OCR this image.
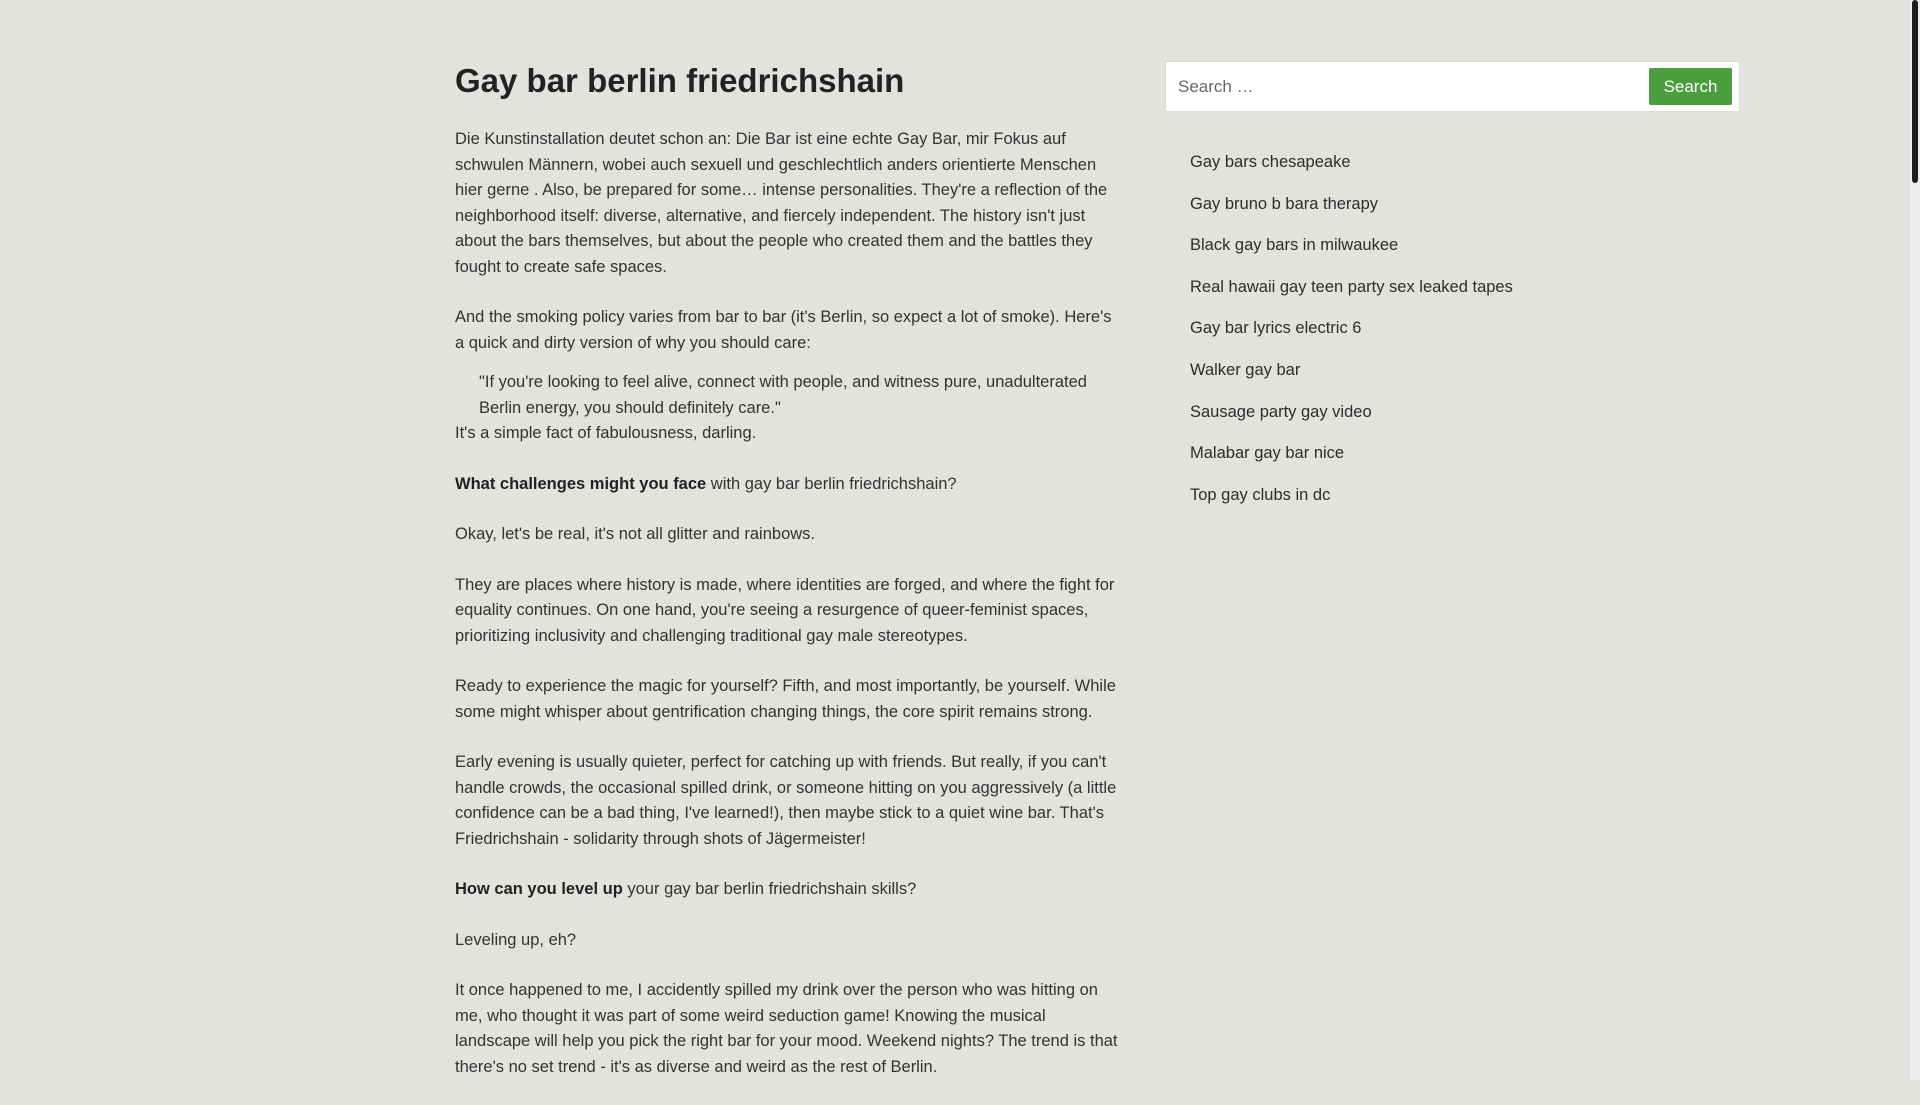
Gay bar berlin friedrichshain

Die Kunstinstallation deutet schon an: Die Bar ist eine echte Gay Bar, mir Fokus auf schwulen Männern, wobei auch sexuell und geschlechtlich anders orientierte Menschen hier gerne . Also, be prepared for some… intense personalities. They're a reflection of the neighborhood itself: diverse, alternative, and fiercely independent. The history isn't just about the bars themselves, but about the people who created them and the battles they fought to create safe spaces.

And the smoking policy varies from bar to bar (it's Berlin, so expect a lot of smoke). Here's a quick and dirty version of why you should care:

"If you're looking to feel alive, connect with people, and witness pure, unadulterated Berlin energy, you should definitely care."

It's a simple fact of fabulousness, darling.

What challenges might you face with gay bar berlin friedrichshain?

Okay, let's be real, it's not all glitter and rainbows.

They are places where history is made, where identities are forged, and where the fight for equality continues. On one hand, you're seeing a resurgence of queer-feminist spaces, prioritizing inclusivity and challenging traditional gay male stereotypes.

Ready to experience the magic for yourself? Fifth, and most importantly, be yourself. While some might whisper about gentrification changing things, the core spirit remains strong.

Early evening is usually quieter, perfect for catching up with friends. But really, if you can't handle crowds, the occasional spilled drink, or someone hitting on you aggressively (a little confidence can be a bad thing, I've learned!), then maybe stick to a quiet wine bar. That's Friedrichshain - solidarity through shots of Jägermeister!

How can you level up your gay bar berlin friedrichshain skills?

Leveling up, eh?

It once happened to me, I accidently spilled my drink over the person who was hitting on me, who thought it was part of some weird seduction game! Knowing the musical landscape will help you pick the right bar for your mood. Weekend nights? The trend is that there's no set trend - it's as diverse and weird as the rest of Berlin.

Search …
Search
Gay bars chesapeake
Gay bruno b bara therapy
Black gay bars in milwaukee
Real hawaii gay teen party sex leaked tapes
Gay bar lyrics electric 6
Walker gay bar
Sausage party gay video
Malabar gay bar nice
Top gay clubs in dc
